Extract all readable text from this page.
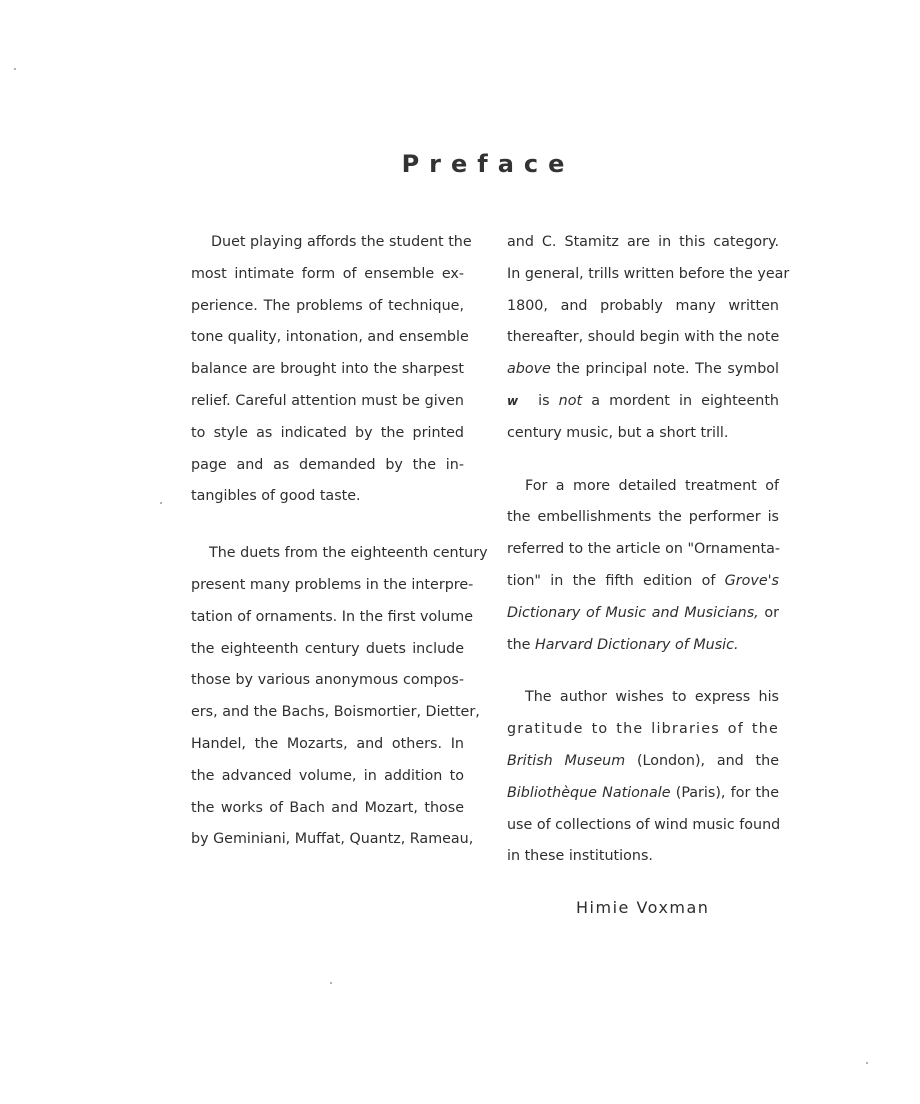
Preface
Duet playing affords the student the
most intimate form of ensemble ex-
perience. The problems of technique,
tone quality, intonation, and ensemble
balance are brought into the sharpest
relief. Careful attention must be given
to style as indicated by the printed
page and as demanded by the in-
tangibles of good taste.
The duets from the eighteenth century
present many problems in the interpre-
tation of ornaments. In the first volume
the eighteenth century duets include
those by various anonymous compos-
ers, and the Bachs, Boismortier, Dietter,
Handel, the Mozarts, and others. In
the advanced volume, in addition to
the works of Bach and Mozart, those
by Geminiani, Muffat, Quantz, Rameau,
and C. Stamitz are in this category.
In general, trills written before the year
1800, and probably many written
thereafter, should begin with the note
above the principal note. The symbol
w is not a mordent in eighteenth
century music, but a short trill.
For a more detailed treatment of
the embellishments the performer is
referred to the article on "Ornamenta-
tion" in the fifth edition of Grove's
Dictionary of Music and Musicians, or
the Harvard Dictionary of Music.
The author wishes to express his
gratitude to the libraries of the
British Museum (London), and the
Bibliothèque Nationale (Paris), for the
use of collections of wind music found
in these institutions.
Himie Voxman
